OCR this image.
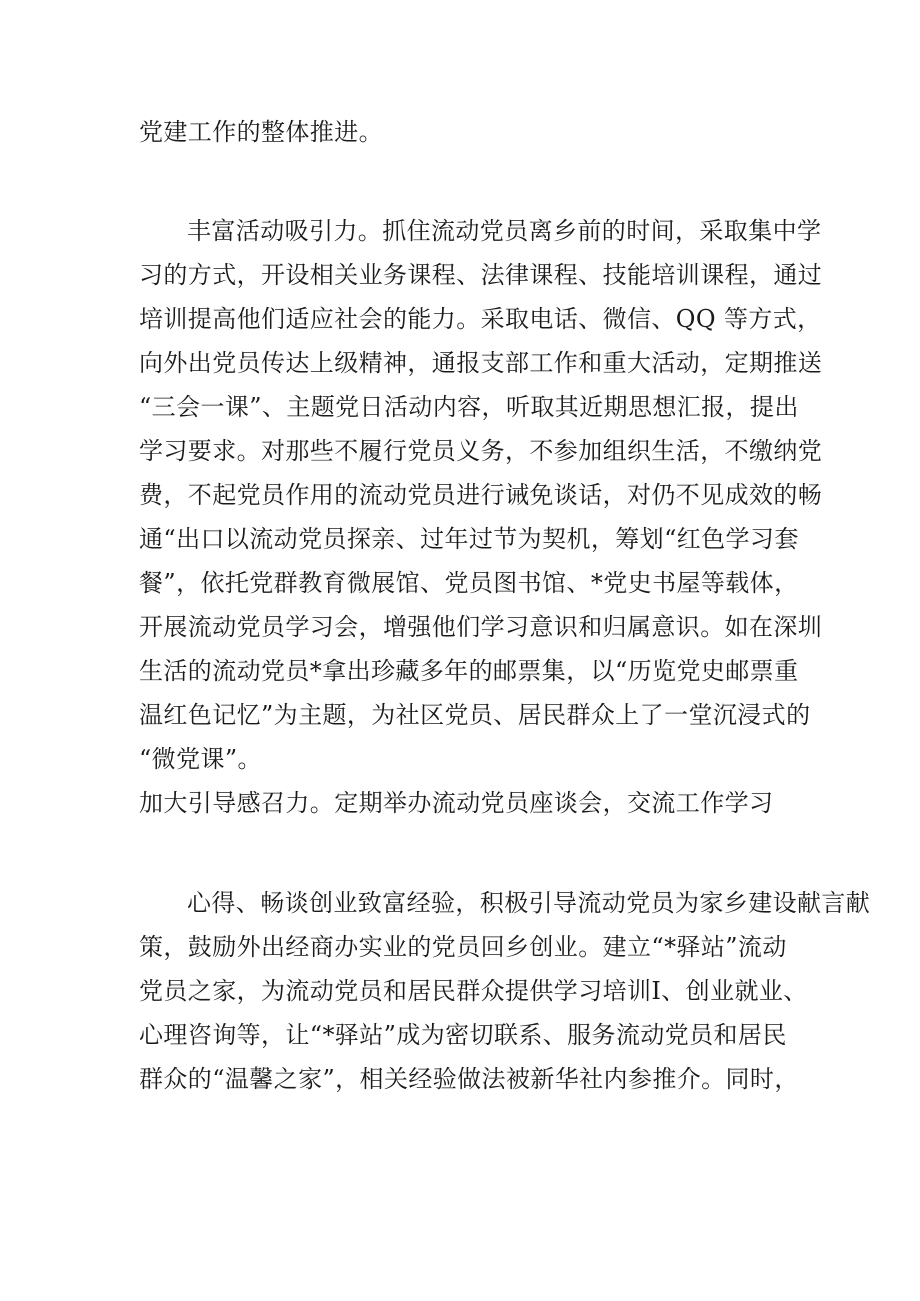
党建工作的整体推进。
丰富活动吸引力。抓住流动党员离乡前的时间，采取集中学
习的方式，开设相关业务课程、法律课程、技能培训课程，通过
培训提高他们适应社会的能力。采取电话、微信、QQ 等方式，
向外出党员传达上级精神，通报支部工作和重大活动，定期推送
“三会一课”、主题党日活动内容，听取其近期思想汇报，提出
学习要求。对那些不履行党员义务，不参加组织生活，不缴纳党
费，不起党员作用的流动党员进行诫免谈话，对仍不见成效的畅
通“出口以流动党员探亲、过年过节为契机，筹划“红色学习套
餐”，依托党群教育微展馆、党员图书馆、*党史书屋等载体，
开展流动党员学习会，增强他们学习意识和归属意识。如在深圳
生活的流动党员*拿出珍藏多年的邮票集，以“历览党史邮票重
温红色记忆”为主题，为社区党员、居民群众上了一堂沉浸式的
“微党课”。
加大引导感召力。定期举办流动党员座谈会，交流工作学习
心得、畅谈创业致富经验，积极引导流动党员为家乡建设献言献
策，鼓励外出经商办实业的党员回乡创业。建立“*驿站”流动
党员之家，为流动党员和居民群众提供学习培训I、创业就业、
心理咨询等，让“*驿站”成为密切联系、服务流动党员和居民
群众的“温馨之家”，相关经验做法被新华社内参推介。同时，
